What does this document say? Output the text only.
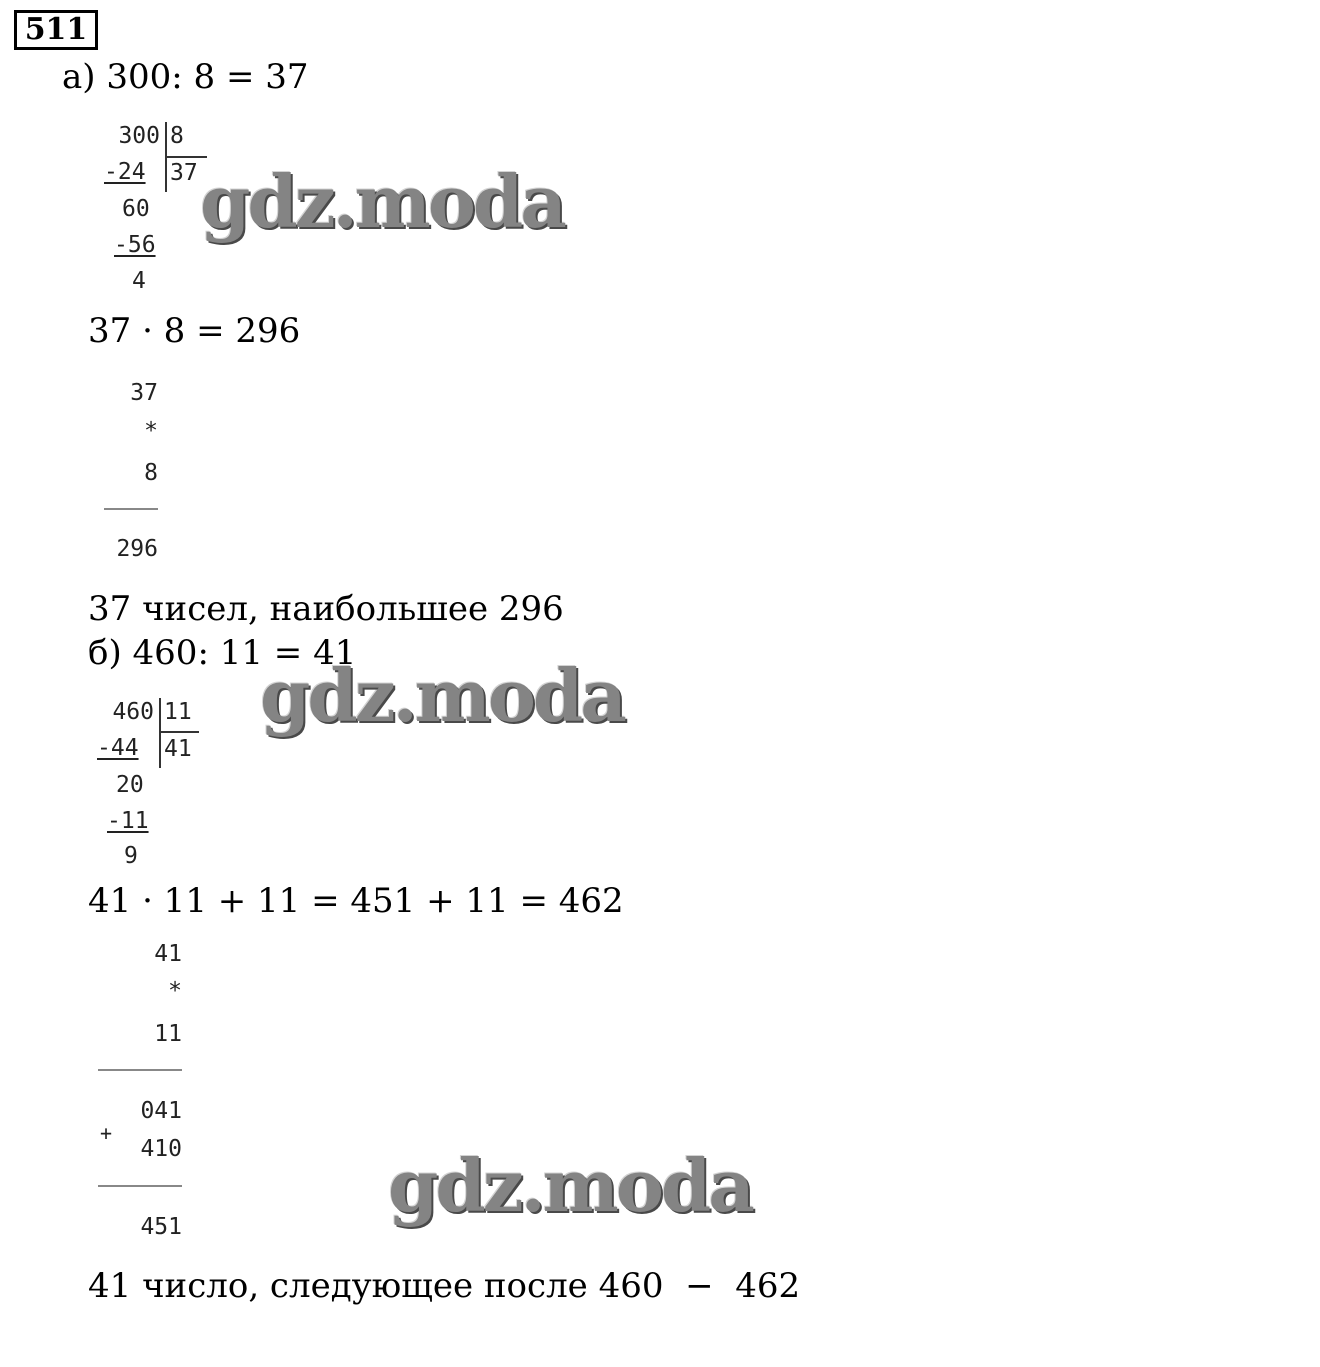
511
а) 300: 8 = 37
300 8
-24 37
60
-56
4
37 · 8 = 296
37
*
8
296
37 чисел, наибольшее 296
б) 460: 11 = 41
460 11
-44 41
20
-11
9
41 · 11 + 11 = 451 + 11 = 462
41
*
11
041
+
410
451
41 число, следующее после 460  −  462
gdz.moda
gdz.moda
gdz.moda
